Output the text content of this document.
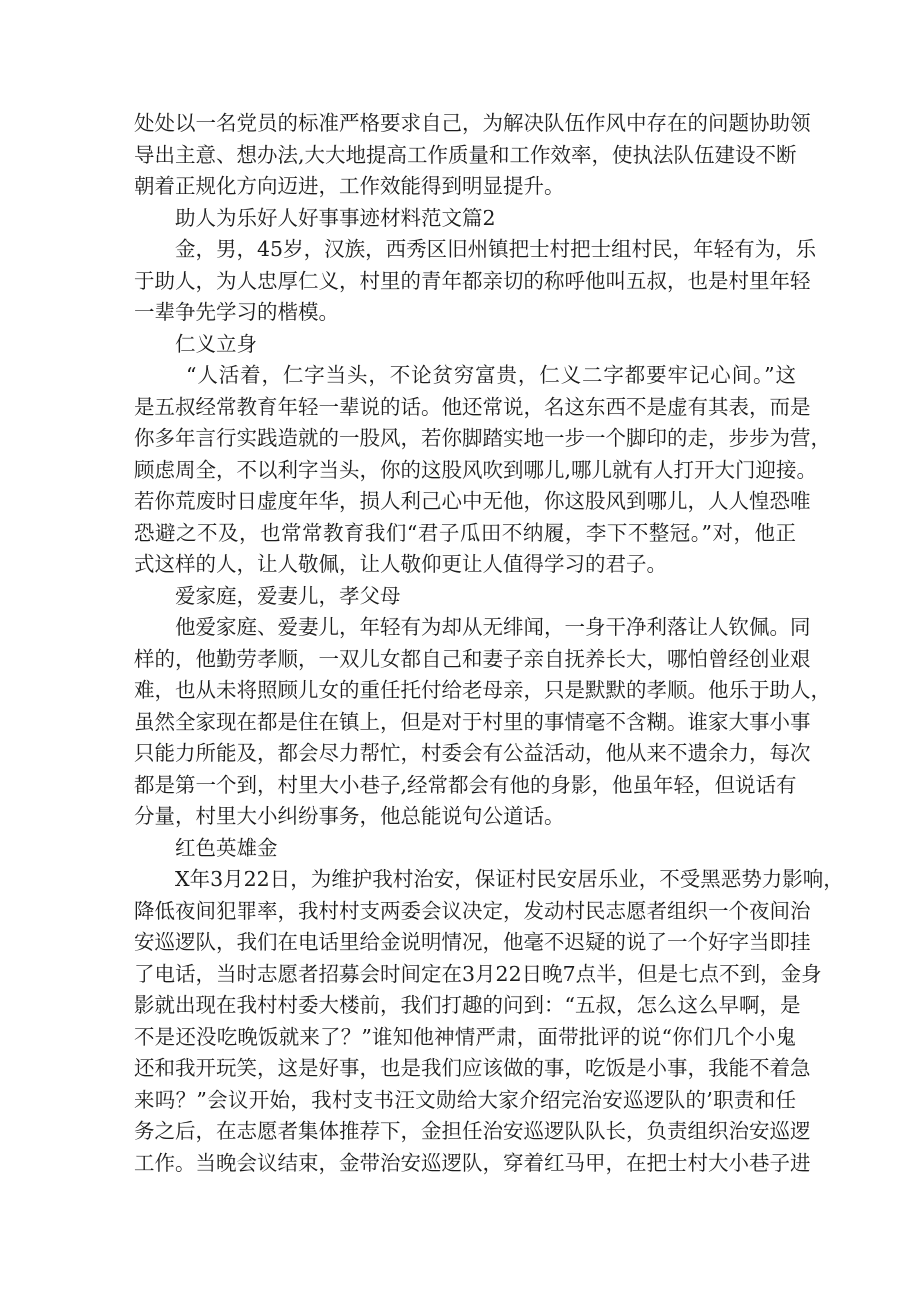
处处以一名党员的标准严格要求自己，为解决队伍作风中存在的问题协助领
导出主意、想办法,大大地提高工作质量和工作效率，使执法队伍建设不断
朝着正规化方向迈进，工作效能得到明显提升。
助人为乐好人好事事迹材料范文篇2
金，男，45岁，汉族，西秀区旧州镇把士村把士组村民，年轻有为，乐
于助人，为人忠厚仁义，村里的青年都亲切的称呼他叫五叔，也是村里年轻
一辈争先学习的楷模。
仁义立身
“人活着，仁字当头，不论贫穷富贵，仁义二字都要牢记心间。”这
是五叔经常教育年轻一辈说的话。他还常说，名这东西不是虚有其表，而是
你多年言行实践造就的一股风，若你脚踏实地一步一个脚印的走，步步为营，
顾虑周全，不以利字当头，你的这股风吹到哪儿,哪儿就有人打开大门迎接。
若你荒废时日虚度年华，损人利己心中无他，你这股风到哪儿，人人惶恐唯
恐避之不及，也常常教育我们“君子瓜田不纳履，李下不整冠。”对，他正
式这样的人，让人敬佩，让人敬仰更让人值得学习的君子。
爱家庭，爱妻儿，孝父母
他爱家庭、爱妻儿，年轻有为却从无绯闻，一身干净利落让人钦佩。同
样的，他勤劳孝顺，一双儿女都自己和妻子亲自抚养长大，哪怕曾经创业艰
难，也从未将照顾儿女的重任托付给老母亲，只是默默的孝顺。他乐于助人，
虽然全家现在都是住在镇上，但是对于村里的事情毫不含糊。谁家大事小事
只能力所能及，都会尽力帮忙，村委会有公益活动，他从来不遗余力，每次
都是第一个到，村里大小巷子,经常都会有他的身影，他虽年轻，但说话有
分量，村里大小纠纷事务，他总能说句公道话。
红色英雄金
X年3月22日，为维护我村治安，保证村民安居乐业，不受黑恶势力影响，
降低夜间犯罪率，我村村支两委会议决定，发动村民志愿者组织一个夜间治
安巡逻队，我们在电话里给金说明情况，他毫不迟疑的说了一个好字当即挂
了电话，当时志愿者招募会时间定在3月22日晚7点半，但是七点不到，金身
影就出现在我村村委大楼前，我们打趣的问到：“五叔，怎么这么早啊，是
不是还没吃晚饭就来了？”谁知他神情严肃，面带批评的说“你们几个小鬼
还和我开玩笑，这是好事，也是我们应该做的事，吃饭是小事，我能不着急
来吗？”会议开始，我村支书汪文勋给大家介绍完治安巡逻队的’职责和任
务之后，在志愿者集体推荐下，金担任治安巡逻队队长，负责组织治安巡逻
工作。当晚会议结束，金带治安巡逻队，穿着红马甲，在把士村大小巷子进
